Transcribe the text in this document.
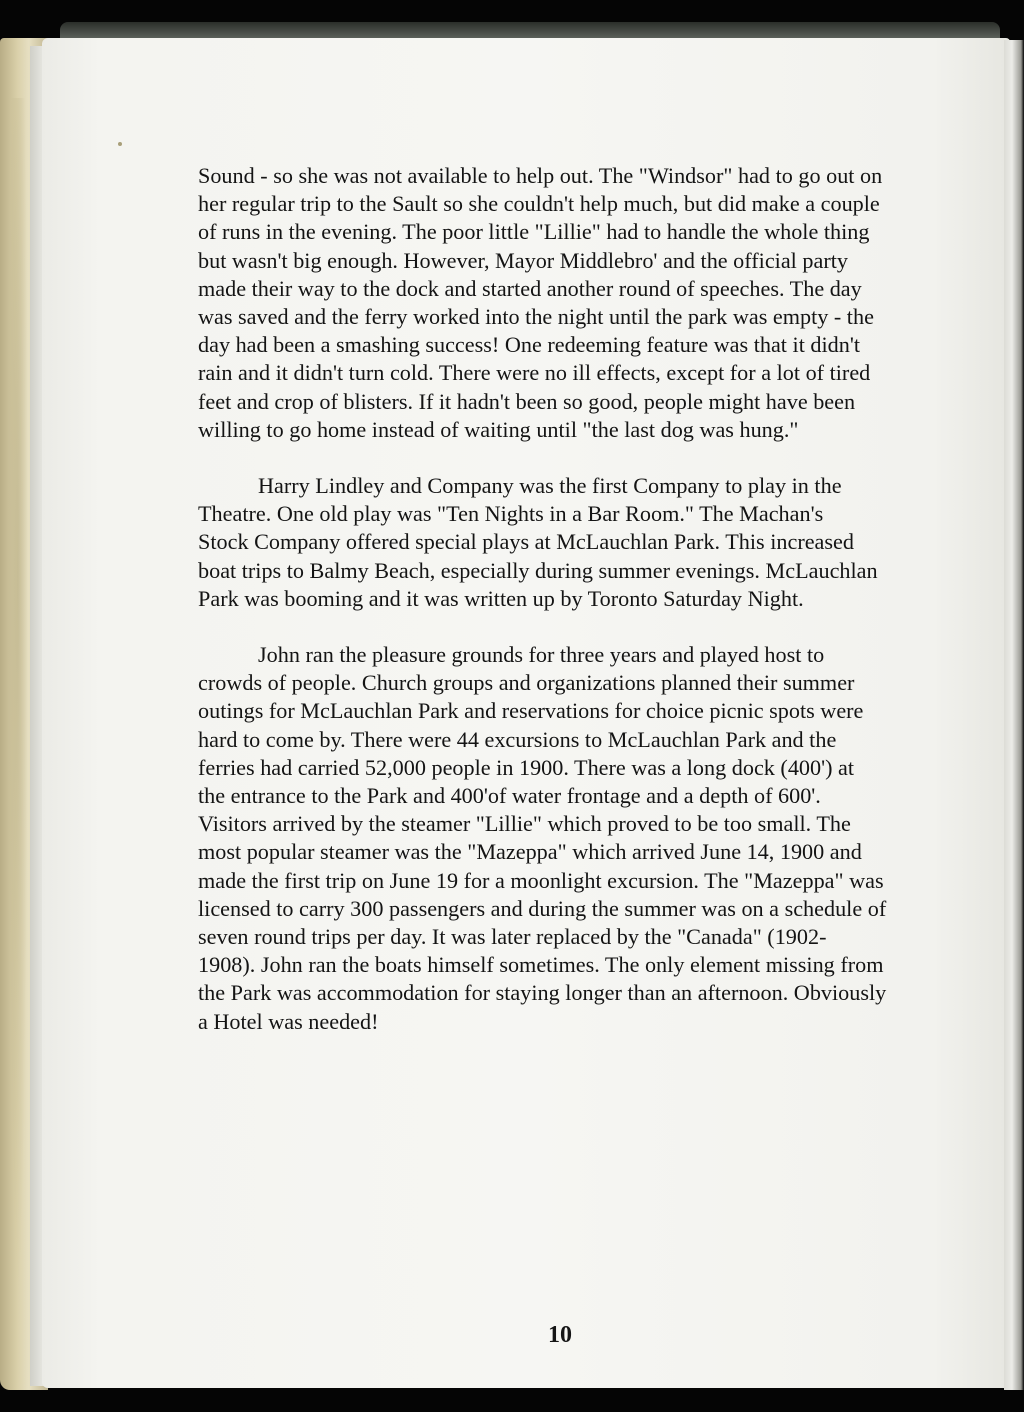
Sound - so she was not available to help out. The "Windsor" had to go out on
her regular trip to the Sault so she couldn't help much, but did make a couple
of runs in the evening. The poor little "Lillie" had to handle the whole thing
but wasn't big enough. However, Mayor Middlebro' and the official party
made their way to the dock and started another round of speeches. The day
was saved and the ferry worked into the night until the park was empty - the
day had been a smashing success! One redeeming feature was that it didn't
rain and it didn't turn cold. There were no ill effects, except for a lot of tired
feet and crop of blisters. If it hadn't been so good, people might have been
willing to go home instead of waiting until "the last dog was hung."

Harry Lindley and Company was the first Company to play in the
Theatre. One old play was "Ten Nights in a Bar Room." The Machan's
Stock Company offered special plays at McLauchlan Park. This increased
boat trips to Balmy Beach, especially during summer evenings. McLauchlan
Park was booming and it was written up by Toronto Saturday Night.

John ran the pleasure grounds for three years and played host to
crowds of people. Church groups and organizations planned their summer
outings for McLauchlan Park and reservations for choice picnic spots were
hard to come by. There were 44 excursions to McLauchlan Park and the
ferries had carried 52,000 people in 1900. There was a long dock (400') at
the entrance to the Park and 400'of water frontage and a depth of 600'.
Visitors arrived by the steamer "Lillie" which proved to be too small. The
most popular steamer was the "Mazeppa" which arrived June 14, 1900 and
made the first trip on June 19 for a moonlight excursion. The "Mazeppa" was
licensed to carry 300 passengers and during the summer was on a schedule of
seven round trips per day. It was later replaced by the "Canada" (1902-
1908). John ran the boats himself sometimes. The only element missing from
the Park was accommodation for staying longer than an afternoon. Obviously
a Hotel was needed!

10
